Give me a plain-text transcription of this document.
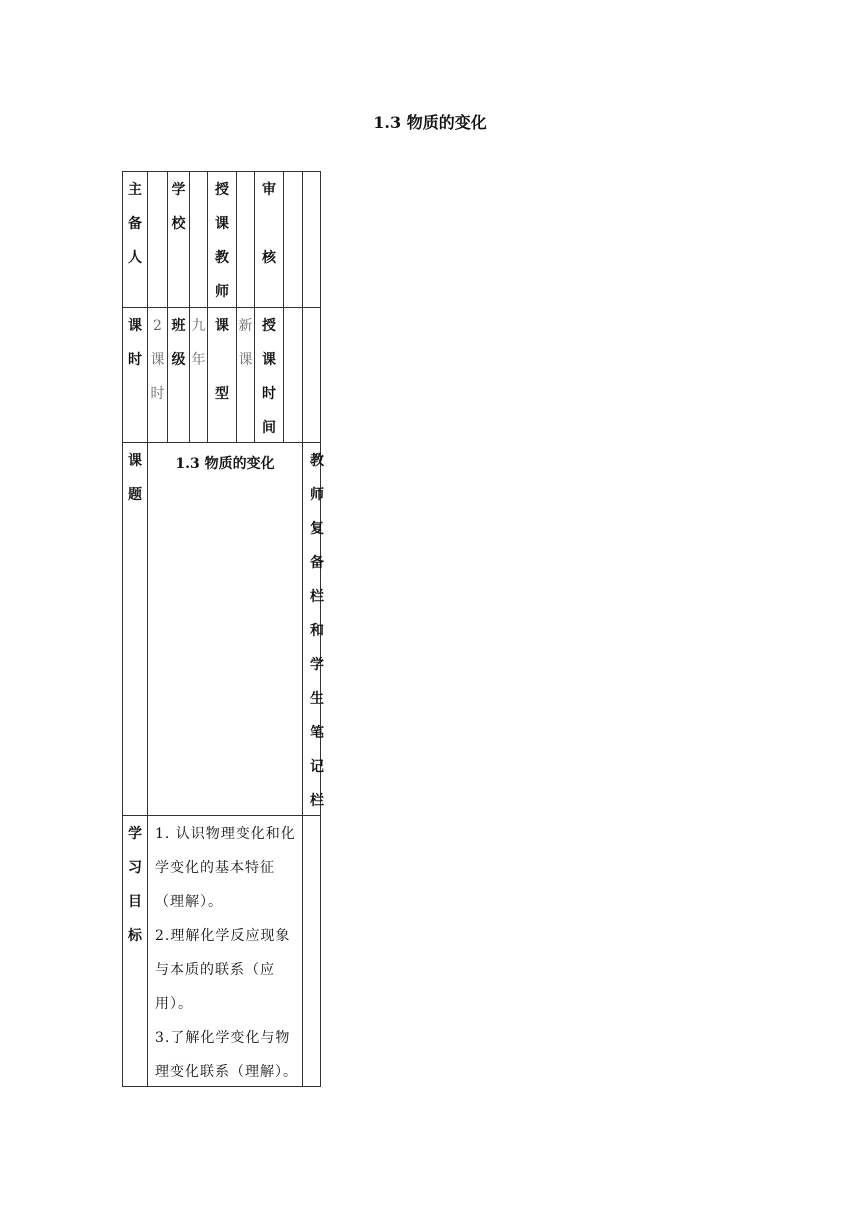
1.3 物质的变化
主
备
人
学
校
授
课
教
师
审

核
课
时
2
课
时
班
级
九
年
课

型
新
课
授
课
时
间
课
题
1.3 物质的变化	教
师
复
备
栏
和
学
生
笔
记
栏
学
习
目
标
1. 认识物理变化和化
学变化的基本特征
（理解）。
2.理解化学反应现象
与本质的联系（应
用）。
3.了解化学变化与物
理变化联系（理解）。
